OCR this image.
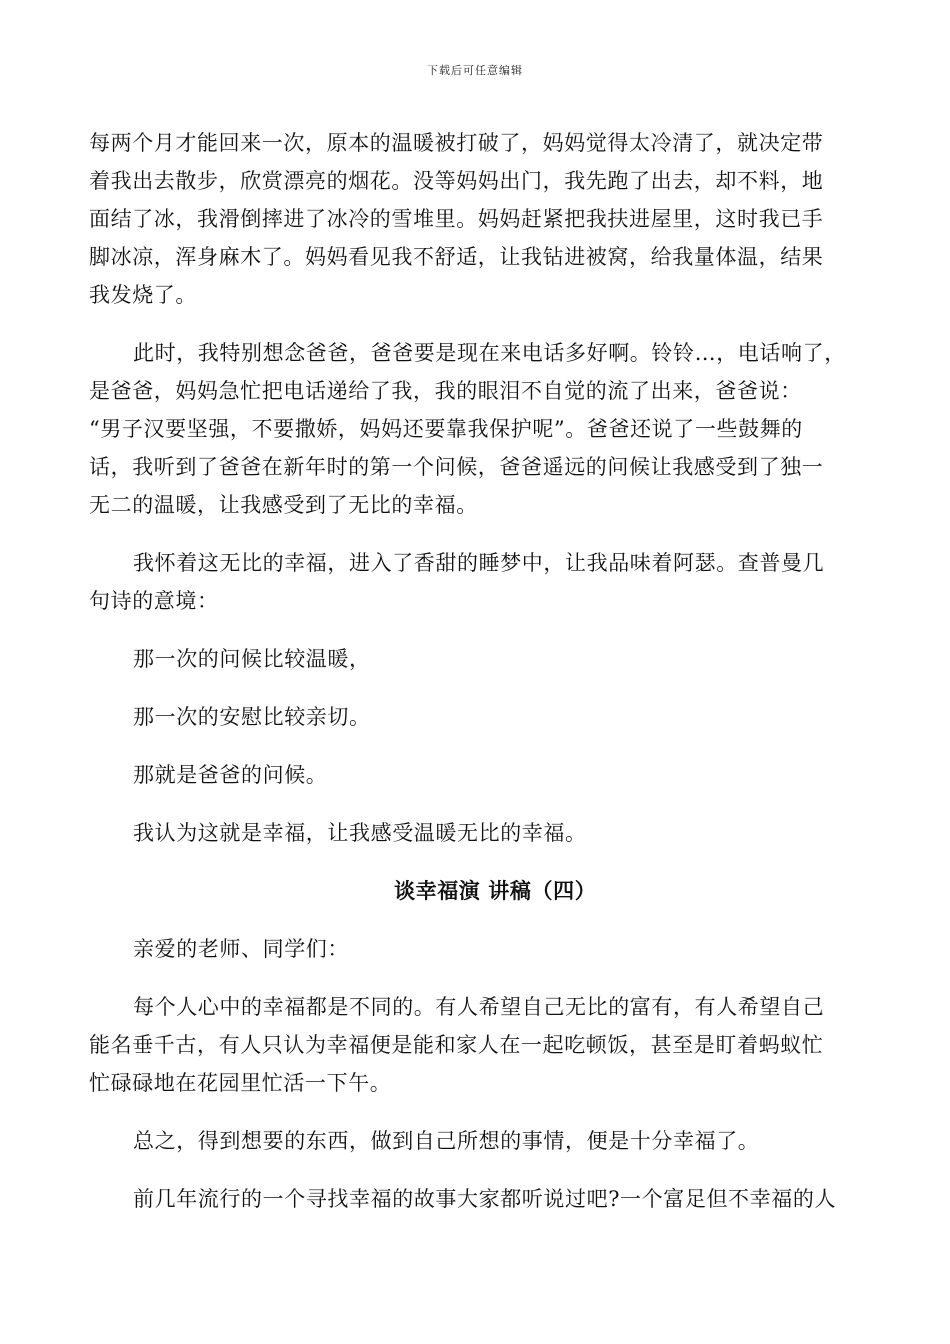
下载后可任意编辑
每两个月才能回来一次，原本的温暖被打破了，妈妈觉得太冷清了，就决定带
着我出去散步，欣赏漂亮的烟花。没等妈妈出门，我先跑了出去，却不料，地
面结了冰，我滑倒摔进了冰冷的雪堆里。妈妈赶紧把我扶进屋里，这时我已手
脚冰凉，浑身麻木了。妈妈看见我不舒适，让我钻进被窝，给我量体温，结果
我发烧了。
此时，我特别想念爸爸，爸爸要是现在来电话多好啊。铃铃…，电话响了，
是爸爸，妈妈急忙把电话递给了我，我的眼泪不自觉的流了出来，爸爸说：
“男子汉要坚强，不要撒娇，妈妈还要靠我保护呢”。爸爸还说了一些鼓舞的
话，我听到了爸爸在新年时的第一个问候，爸爸遥远的问候让我感受到了独一
无二的温暖，让我感受到了无比的幸福。
我怀着这无比的幸福，进入了香甜的睡梦中，让我品味着阿瑟。查普曼几
句诗的意境：
那一次的问候比较温暖，
那一次的安慰比较亲切。
那就是爸爸的问候。
我认为这就是幸福，让我感受温暖无比的幸福。
谈幸福演 讲稿（四）
亲爱的老师、同学们：
每个人心中的幸福都是不同的。有人希望自己无比的富有，有人希望自己
能名垂千古，有人只认为幸福便是能和家人在一起吃顿饭，甚至是盯着蚂蚁忙
忙碌碌地在花园里忙活一下午。
总之，得到想要的东西，做到自己所想的事情，便是十分幸福了。
前几年流行的一个寻找幸福的故事大家都听说过吧?一个富足但不幸福的人
